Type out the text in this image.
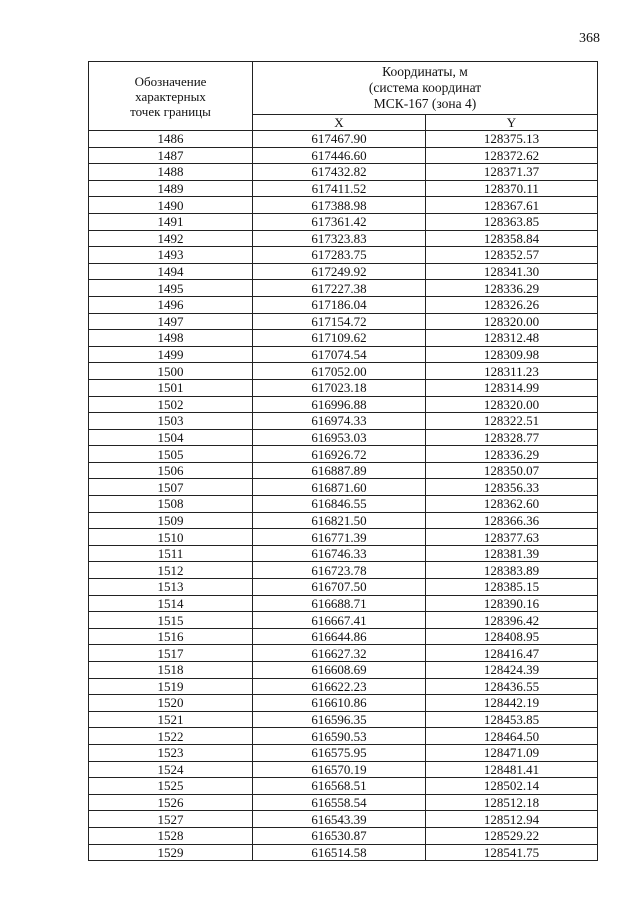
368
Обозначение
характерных
точек границы	Координаты, м
(система координат
МСК-167 (зона 4)	

	X	Y
1486	617467.90	128375.13
1487	617446.60	128372.62
1488	617432.82	128371.37
1489	617411.52	128370.11
1490	617388.98	128367.61
1491	617361.42	128363.85
1492	617323.83	128358.84
1493	617283.75	128352.57
1494	617249.92	128341.30
1495	617227.38	128336.29
1496	617186.04	128326.26
1497	617154.72	128320.00
1498	617109.62	128312.48
1499	617074.54	128309.98
1500	617052.00	128311.23
1501	617023.18	128314.99
1502	616996.88	128320.00
1503	616974.33	128322.51
1504	616953.03	128328.77
1505	616926.72	128336.29
1506	616887.89	128350.07
1507	616871.60	128356.33
1508	616846.55	128362.60
1509	616821.50	128366.36
1510	616771.39	128377.63
1511	616746.33	128381.39
1512	616723.78	128383.89
1513	616707.50	128385.15
1514	616688.71	128390.16
1515	616667.41	128396.42
1516	616644.86	128408.95
1517	616627.32	128416.47
1518	616608.69	128424.39
1519	616622.23	128436.55
1520	616610.86	128442.19
1521	616596.35	128453.85
1522	616590.53	128464.50
1523	616575.95	128471.09
1524	616570.19	128481.41
1525	616568.51	128502.14
1526	616558.54	128512.18
1527	616543.39	128512.94
1528	616530.87	128529.22
1529	616514.58	128541.75
